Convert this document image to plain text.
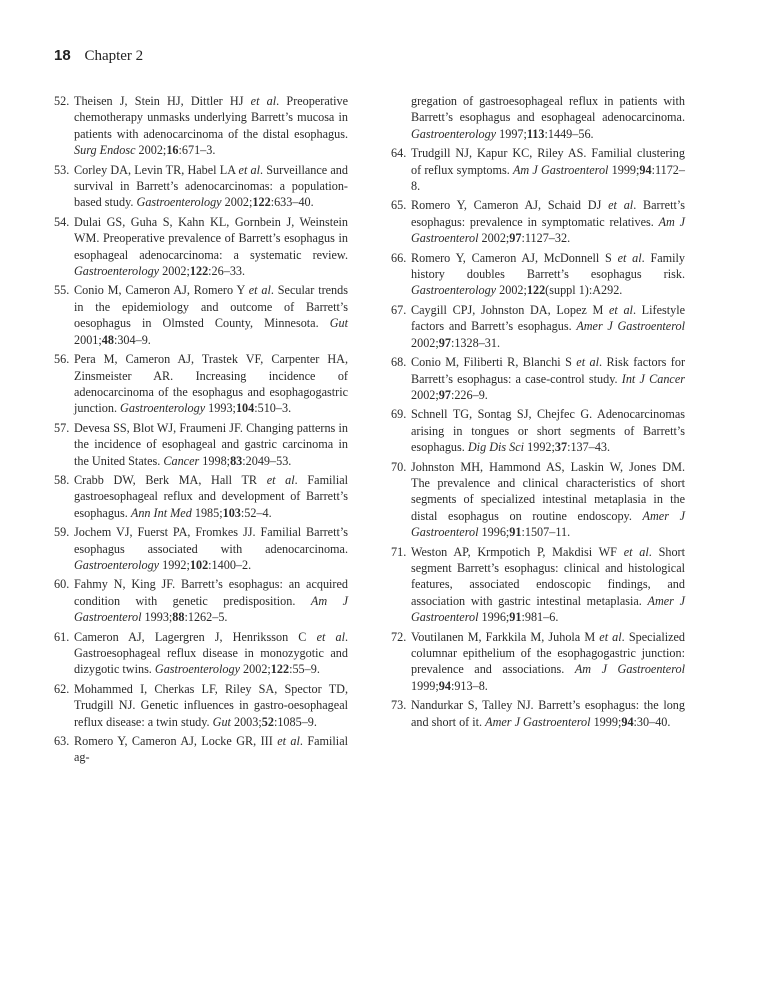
18 Chapter 2
52. Theisen J, Stein HJ, Dittler HJ et al. Preoperative chemotherapy unmasks underlying Barrett’s mucosa in patients with adenocarcinoma of the distal esophagus. Surg Endosc 2002;16:671–3.
53. Corley DA, Levin TR, Habel LA et al. Surveillance and survival in Barrett’s adenocarcinomas: a population-based study. Gastroenterology 2002;122:633–40.
54. Dulai GS, Guha S, Kahn KL, Gornbein J, Weinstein WM. Preoperative prevalence of Barrett’s esophagus in esophageal adenocarcinoma: a systematic review. Gastroenterology 2002;122:26–33.
55. Conio M, Cameron AJ, Romero Y et al. Secular trends in the epidemiology and outcome of Barrett’s oesophagus in Olmsted County, Minnesota. Gut 2001;48:304–9.
56. Pera M, Cameron AJ, Trastek VF, Carpenter HA, Zinsmeister AR. Increasing incidence of adenocarcinoma of the esophagus and esophagogastric junction. Gastroenterology 1993;104:510–3.
57. Devesa SS, Blot WJ, Fraumeni JF. Changing patterns in the incidence of esophageal and gastric carcinoma in the United States. Cancer 1998;83:2049–53.
58. Crabb DW, Berk MA, Hall TR et al. Familial gastroesophageal reflux and development of Barrett’s esophagus. Ann Int Med 1985;103:52–4.
59. Jochem VJ, Fuerst PA, Fromkes JJ. Familial Barrett’s esophagus associated with adenocarcinoma. Gastroenterology 1992;102:1400–2.
60. Fahmy N, King JF. Barrett’s esophagus: an acquired condition with genetic predisposition. Am J Gastroenterol 1993;88:1262–5.
61. Cameron AJ, Lagergren J, Henriksson C et al. Gastroesophageal reflux disease in monozygotic and dizygotic twins. Gastroenterology 2002;122:55–9.
62. Mohammed I, Cherkas LF, Riley SA, Spector TD, Trudgill NJ. Genetic influences in gastro-oesophageal reflux disease: a twin study. Gut 2003;52:1085–9.
63. Romero Y, Cameron AJ, Locke GR, III et al. Familial ag-
gregation of gastroesophageal reflux in patients with Barrett’s esophagus and esophageal adenocarcinoma. Gastroenterology 1997;113:1449–56.
64. Trudgill NJ, Kapur KC, Riley AS. Familial clustering of reflux symptoms. Am J Gastroenterol 1999;94:1172–8.
65. Romero Y, Cameron AJ, Schaid DJ et al. Barrett’s esophagus: prevalence in symptomatic relatives. Am J Gastroenterol 2002;97:1127–32.
66. Romero Y, Cameron AJ, McDonnell S et al. Family history doubles Barrett’s esophagus risk. Gastroenterology 2002;122(suppl 1):A292.
67. Caygill CPJ, Johnston DA, Lopez M et al. Lifestyle factors and Barrett’s esophagus. Amer J Gastroenterol 2002;97:1328–31.
68. Conio M, Filiberti R, Blanchi S et al. Risk factors for Barrett’s esophagus: a case-control study. Int J Cancer 2002;97:226–9.
69. Schnell TG, Sontag SJ, Chejfec G. Adenocarcinomas arising in tongues or short segments of Barrett’s esophagus. Dig Dis Sci 1992;37:137–43.
70. Johnston MH, Hammond AS, Laskin W, Jones DM. The prevalence and clinical characteristics of short segments of specialized intestinal metaplasia in the distal esophagus on routine endoscopy. Amer J Gastroenterol 1996;91:1507–11.
71. Weston AP, Krmpotich P, Makdisi WF et al. Short segment Barrett’s esophagus: clinical and histological features, associated endoscopic findings, and association with gastric intestinal metaplasia. Amer J Gastroenterol 1996;91:981–6.
72. Voutilanen M, Farkkila M, Juhola M et al. Specialized columnar epithelium of the esophagogastric junction: prevalence and associations. Am J Gastroenterol 1999;94:913–8.
73. Nandurkar S, Talley NJ. Barrett’s esophagus: the long and short of it. Amer J Gastroenterol 1999;94:30–40.
